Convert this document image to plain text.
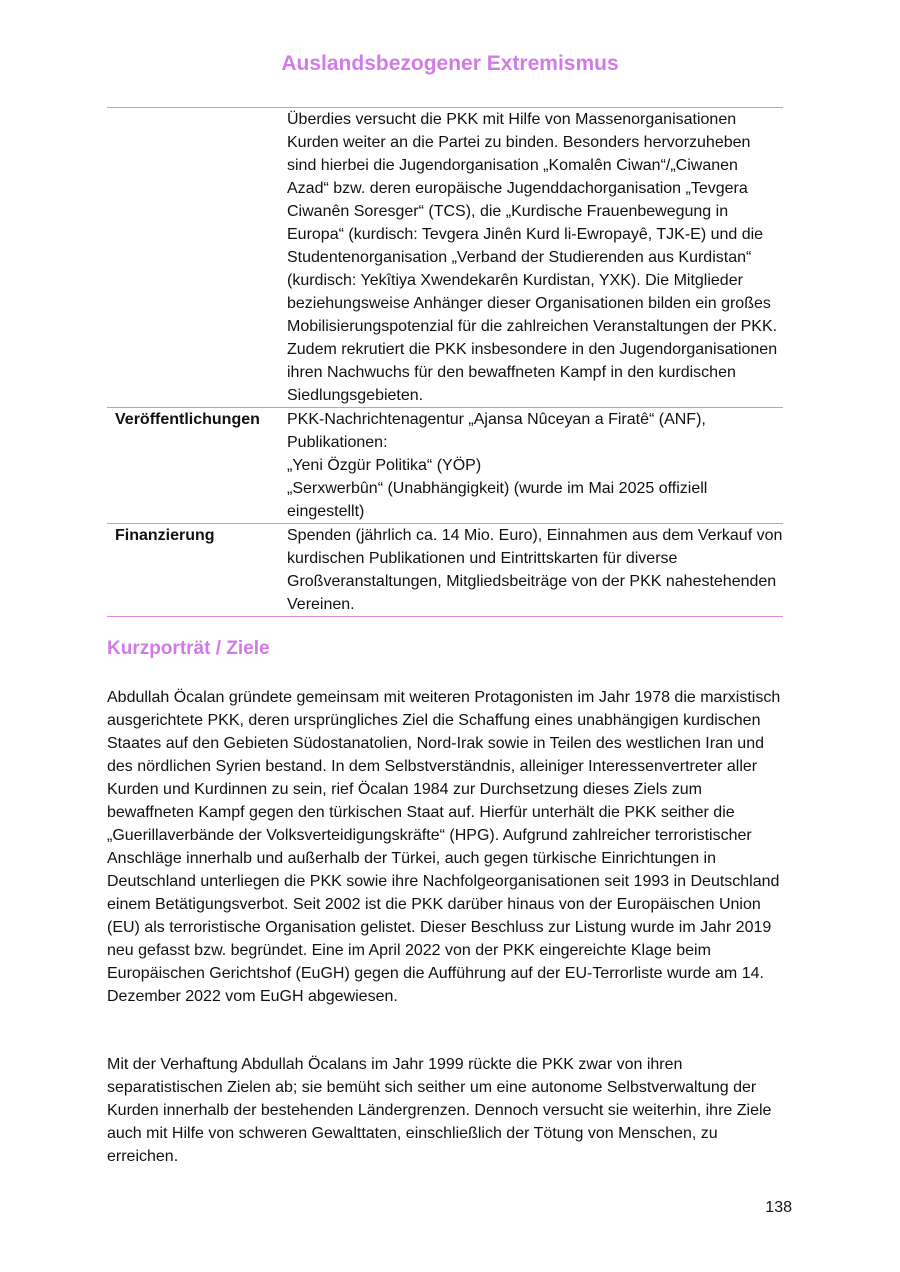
Auslandsbezogener Extremismus

	Überdies versucht die PKK mit Hilfe von Massenorganisationen Kurden weiter an die Partei zu binden. Besonders hervorzuheben sind hierbei die Jugendorganisation „Komalên Ciwan“/„Ciwanen Azad“ bzw. deren europäische Jugenddachorganisation „Tevgera Ciwanên Soresger“ (TCS), die „Kurdische Frauenbewegung in Europa“ (kurdisch: Tevgera Jinên Kurd li-Ewropayê, TJK-E) und die Studentenorganisation „Verband der Studierenden aus Kurdistan“ (kurdisch: Yekîtiya Xwendekarên Kurdistan, YXK). Die Mitglieder beziehungsweise Anhänger dieser Organisationen bilden ein großes Mobilisierungspotenzial für die zahlreichen Veranstaltungen der PKK. Zudem rekrutiert die PKK insbesondere in den Jugendorganisationen ihren Nachwuchs für den bewaffneten Kampf in den kurdischen Siedlungsgebieten.

Veröffentlichungen	PKK-Nachrichtenagentur „Ajansa Nûceyan a Firatê“ (ANF),

Publikationen:

„Yeni Özgür Politika“ (YÖP)

„Serxwerbûn“ (Unabhängigkeit) (wurde im Mai 2025 offiziell eingestellt)

Finanzierung	Spenden (jährlich ca. 14 Mio. Euro), Einnahmen aus dem Verkauf von kurdischen Publikationen und Eintrittskarten für diverse Großveranstaltungen, Mitgliedsbeiträge von der PKK nahestehenden Vereinen.

Kurzporträt / Ziele

Abdullah Öcalan gründete gemeinsam mit weiteren Protagonisten im Jahr 1978 die marxistisch ausgerichtete PKK, deren ursprüngliches Ziel die Schaffung eines unabhängigen kurdischen Staates auf den Gebieten Südostanatolien, Nord-Irak sowie in Teilen des westlichen Iran und des nördlichen Syrien bestand. In dem Selbstverständnis, alleiniger Interessenvertreter aller Kurden und Kurdinnen zu sein, rief Öcalan 1984 zur Durchsetzung dieses Ziels zum bewaffneten Kampf gegen den türkischen Staat auf. Hierfür unterhält die PKK seither die „Guerillaverbände der Volksverteidigungskräfte“ (HPG). Aufgrund zahlreicher terroristischer Anschläge innerhalb und außerhalb der Türkei, auch gegen türkische Einrichtungen in Deutschland unterliegen die PKK sowie ihre Nachfolgeorganisationen seit 1993 in Deutschland einem Betätigungsverbot. Seit 2002 ist die PKK darüber hinaus von der Europäischen Union (EU) als terroristische Organisation gelistet. Dieser Beschluss zur Listung wurde im Jahr 2019 neu gefasst bzw. begründet. Eine im April 2022 von der PKK eingereichte Klage beim Europäischen Gerichtshof (EuGH) gegen die Aufführung auf der EU-Terrorliste wurde am 14. Dezember 2022 vom EuGH abgewiesen.

Mit der Verhaftung Abdullah Öcalans im Jahr 1999 rückte die PKK zwar von ihren separatistischen Zielen ab; sie bemüht sich seither um eine autonome Selbstverwaltung der Kurden innerhalb der bestehenden Ländergrenzen. Dennoch versucht sie weiterhin, ihre Ziele auch mit Hilfe von schweren Gewalttaten, einschließlich der Tötung von Menschen, zu erreichen.

138
